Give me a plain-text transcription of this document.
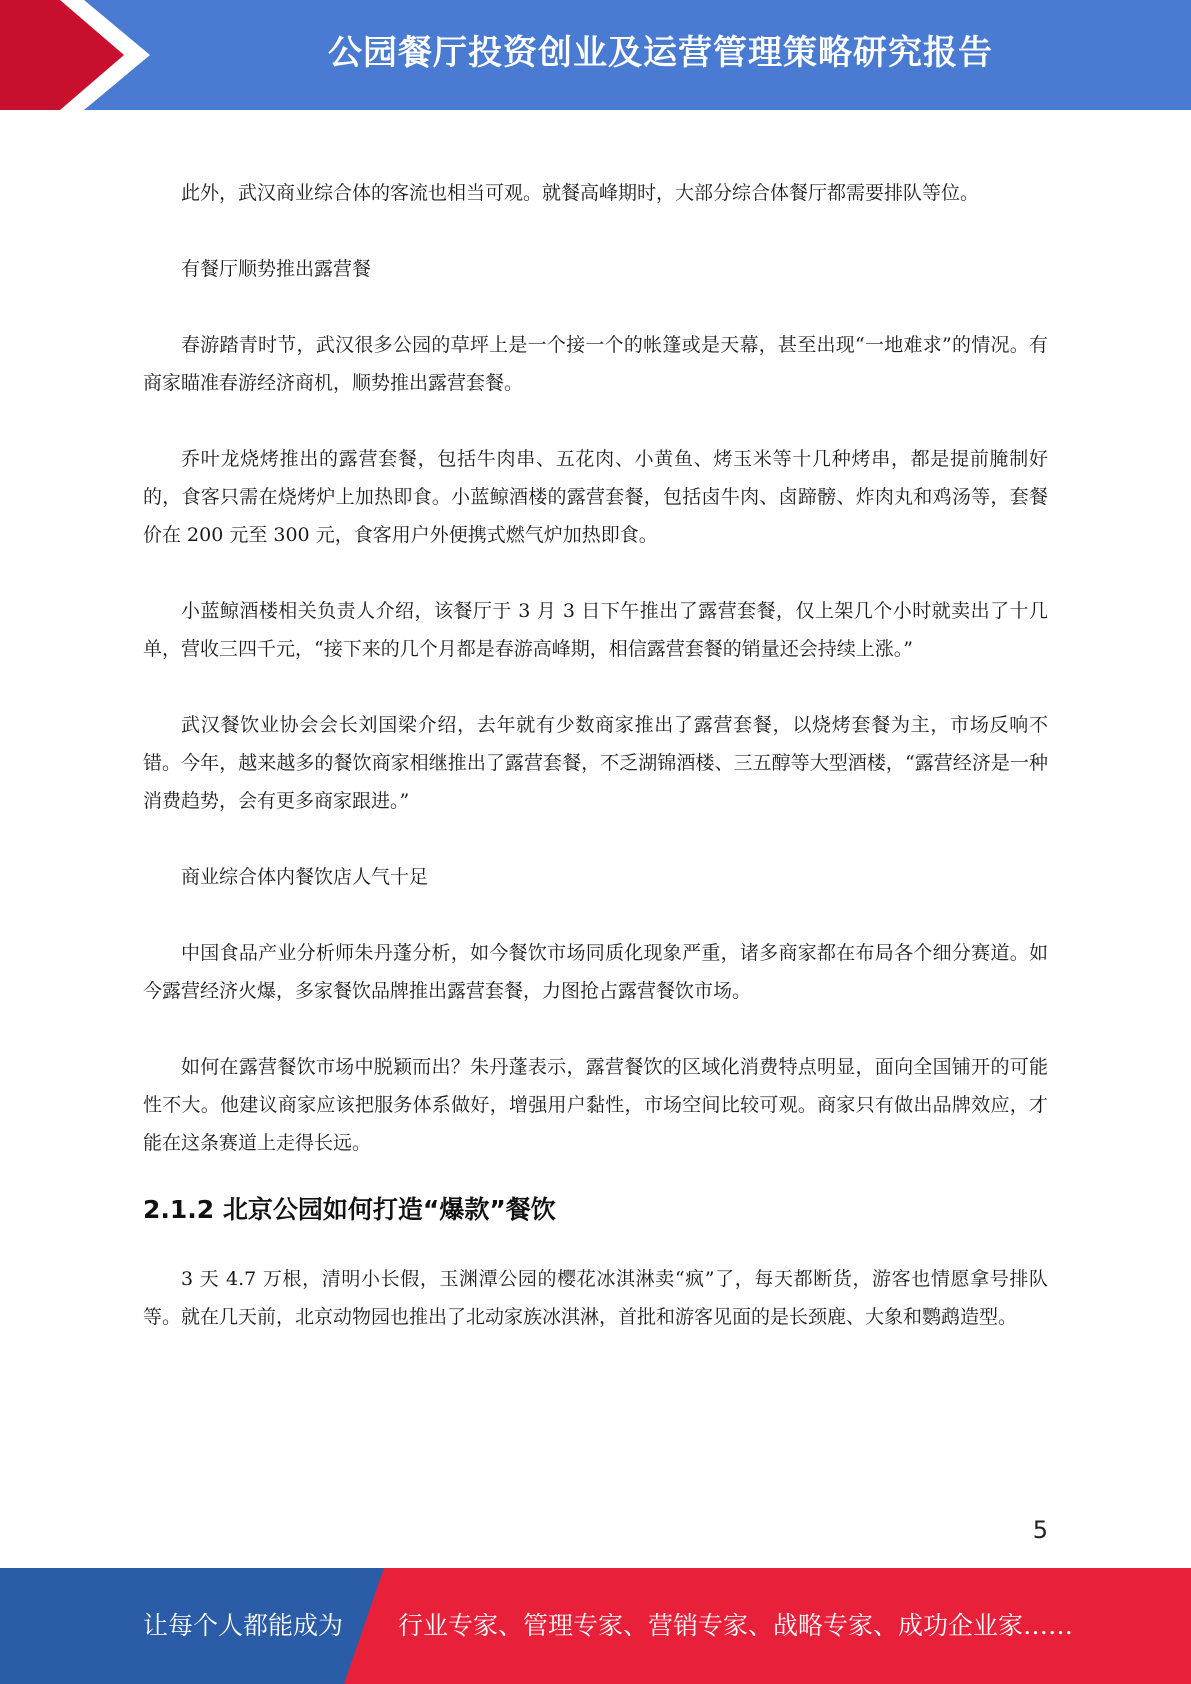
公园餐厅投资创业及运营管理策略研究报告

此外，武汉商业综合体的客流也相当可观。就餐高峰期时，大部分综合体餐厅都需要排队等位。

有餐厅顺势推出露营餐

春游踏青时节，武汉很多公园的草坪上是一个接一个的帐篷或是天幕，甚至出现“一地难求”的情况。有商家瞄准春游经济商机，顺势推出露营套餐。

乔叶龙烧烤推出的露营套餐，包括牛肉串、五花肉、小黄鱼、烤玉米等十几种烤串，都是提前腌制好的，食客只需在烧烤炉上加热即食。小蓝鲸酒楼的露营套餐，包括卤牛肉、卤蹄髈、炸肉丸和鸡汤等，套餐价在 200 元至 300 元，食客用户外便携式燃气炉加热即食。

小蓝鲸酒楼相关负责人介绍，该餐厅于 3 月 3 日下午推出了露营套餐，仅上架几个小时就卖出了十几单，营收三四千元，“接下来的几个月都是春游高峰期，相信露营套餐的销量还会持续上涨。”

武汉餐饮业协会会长刘国梁介绍，去年就有少数商家推出了露营套餐，以烧烤套餐为主，市场反响不错。今年，越来越多的餐饮商家相继推出了露营套餐，不乏湖锦酒楼、三五醇等大型酒楼，“露营经济是一种消费趋势，会有更多商家跟进。”

商业综合体内餐饮店人气十足

中国食品产业分析师朱丹蓬分析，如今餐饮市场同质化现象严重，诸多商家都在布局各个细分赛道。如今露营经济火爆，多家餐饮品牌推出露营套餐，力图抢占露营餐饮市场。

如何在露营餐饮市场中脱颖而出？朱丹蓬表示，露营餐饮的区域化消费特点明显，面向全国铺开的可能性不大。他建议商家应该把服务体系做好，增强用户黏性，市场空间比较可观。商家只有做出品牌效应，才能在这条赛道上走得长远。

2.1.2 北京公园如何打造“爆款”餐饮

3 天 4.7 万根，清明小长假，玉渊潭公园的樱花冰淇淋卖“疯”了，每天都断货，游客也情愿拿号排队等。就在几天前，北京动物园也推出了北动家族冰淇淋，首批和游客见面的是长颈鹿、大象和鹦鹉造型。

5
让每个人都能成为 行业专家、管理专家、营销专家、战略专家、成功企业家……
